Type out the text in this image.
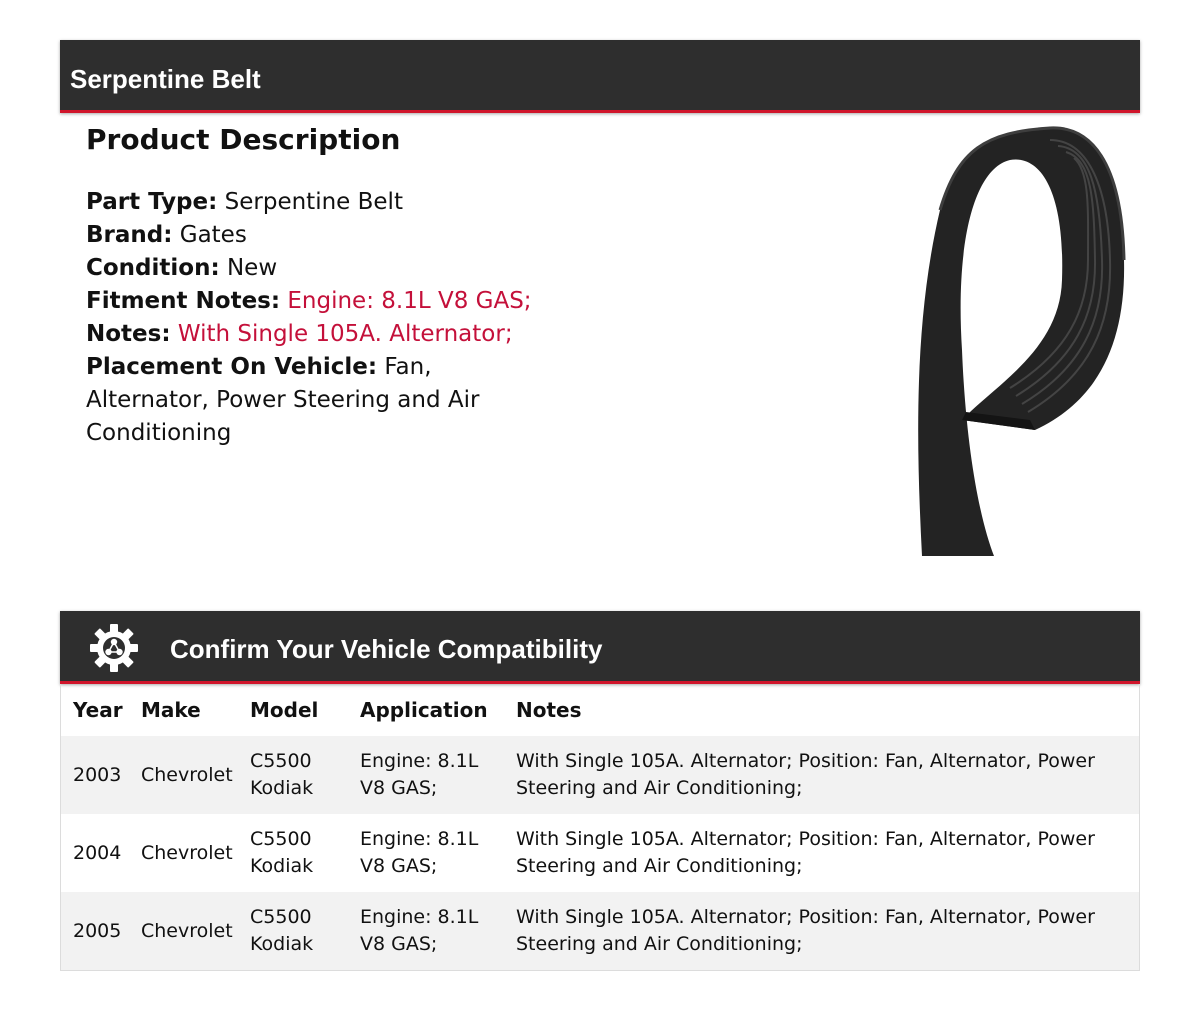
Serpentine Belt
Product Description
Part Type: Serpentine Belt
Brand: Gates
Condition: New
Fitment Notes: Engine: 8.1L V8 GAS;
Notes: With Single 105A. Alternator;
Placement On Vehicle: Fan, Alternator, Power Steering and Air Conditioning
Confirm Your Vehicle Compatibility
Year	Make	Model	Application	Notes
2003	Chevrolet	C5500 Kodiak	Engine: 8.1L V8 GAS;	With Single 105A. Alternator; Position: Fan, Alternator, Power Steering and Air Conditioning;
2004	Chevrolet	C5500 Kodiak	Engine: 8.1L V8 GAS;	With Single 105A. Alternator; Position: Fan, Alternator, Power Steering and Air Conditioning;
2005	Chevrolet	C5500 Kodiak	Engine: 8.1L V8 GAS;	With Single 105A. Alternator; Position: Fan, Alternator, Power Steering and Air Conditioning;
